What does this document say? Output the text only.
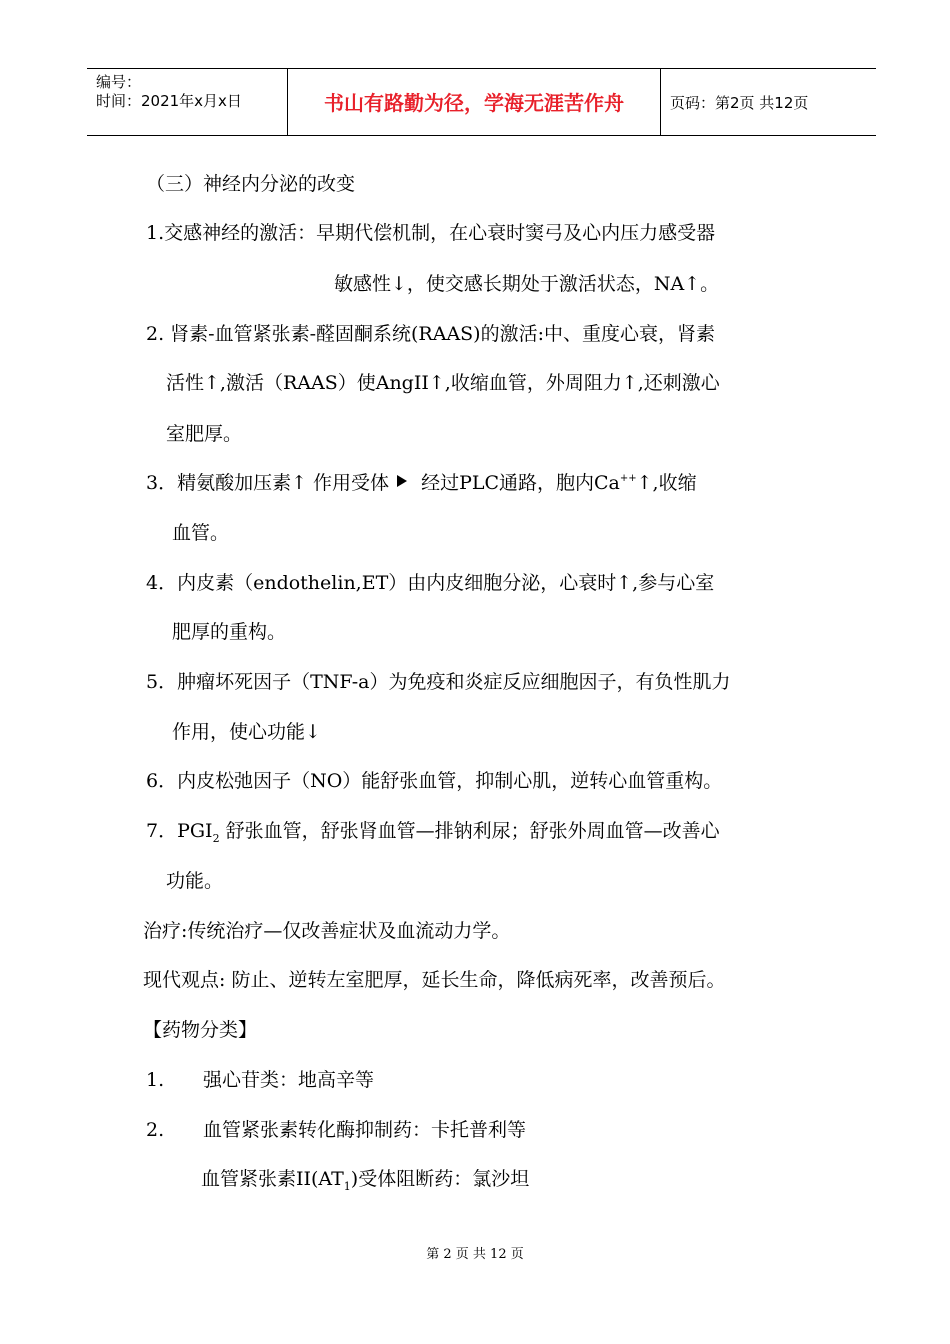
编号：
时间：2021年x月x日	书山有路勤为径，学海无涯苦作舟	页码：第2页 共12页
（三）神经内分泌的改变
1.交感神经的激活：早期代偿机制，在心衰时窦弓及心内压力感受器
敏感性↓，使交感长期处于激活状态，NA↑。
2. 肾素-血管紧张素-醛固酮系统(RAAS)的激活:中、重度心衰，肾素
活性↑,激活（RAAS）使AngII↑,收缩血管，外周阻力↑,还刺激心
室肥厚。
3．精氨酸加压素↑ 作用受体 经过PLC通路，胞内Ca++↑,收缩
血管。
4．内皮素（endothelin,ET）由内皮细胞分泌，心衰时↑,参与心室
肥厚的重构。
5．肿瘤坏死因子（TNF-a）为免疫和炎症反应细胞因子，有负性肌力
作用，使心功能↓
6．内皮松弛因子（NO）能舒张血管，抑制心肌，逆转心血管重构。
7．$PGI_2$ 舒张血管，舒张肾血管—排钠利尿；舒张外周血管—改善心
功能。
治疗:传统治疗—仅改善症状及血流动力学。
现代观点: 防止、逆转左室肥厚，延长生命，降低病死率，改善预后。
【药物分类】
1. 强心苷类：地高辛等
2. 血管紧张素转化酶抑制药：卡托普利等
血管紧张素$II(AT_1)$受体阻断药：氯沙坦
第 2 页 共 12 页
